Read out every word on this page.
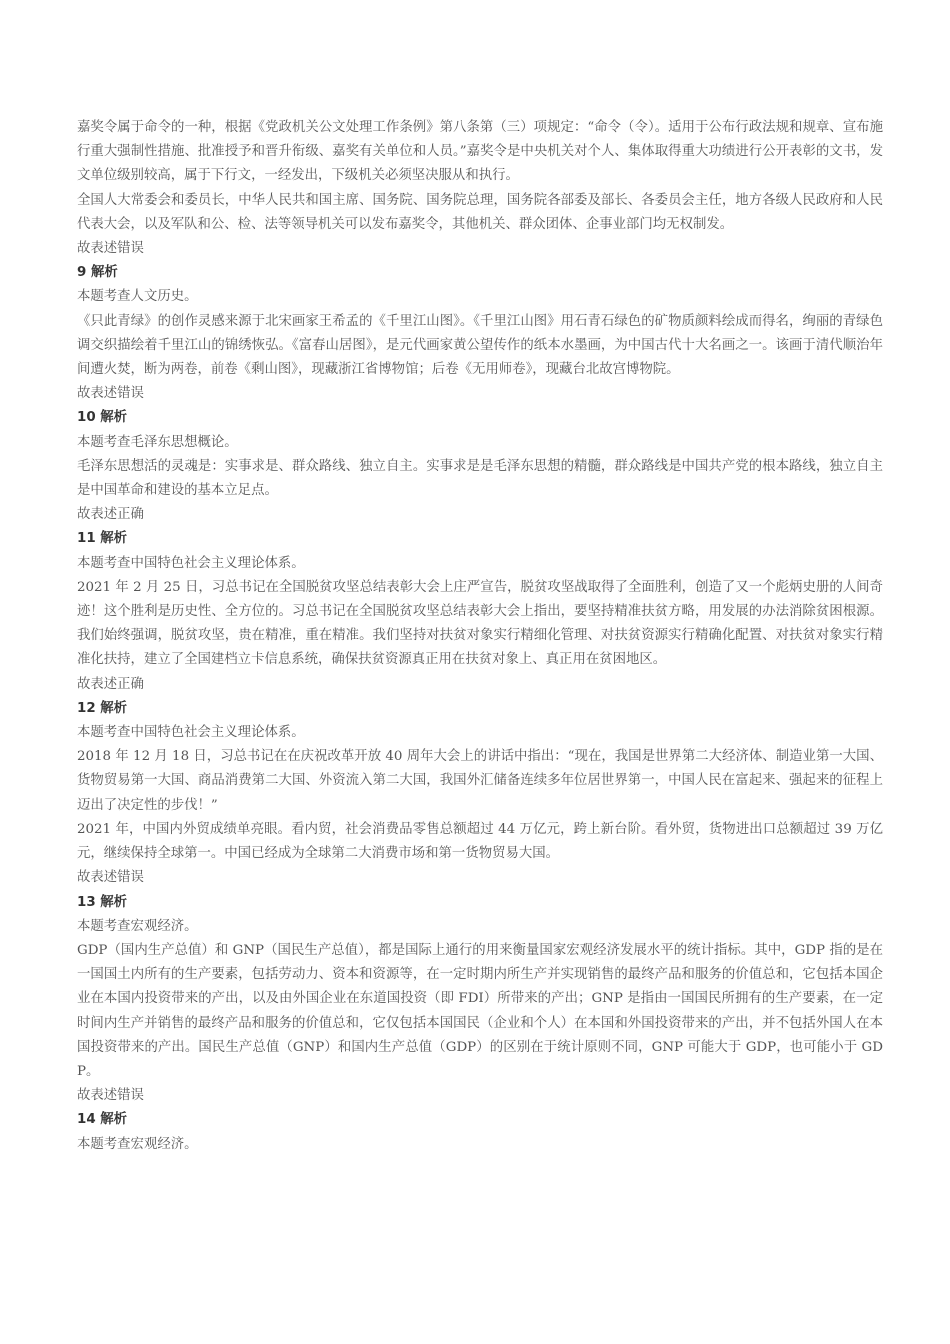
嘉奖令属于命令的一种，根据《党政机关公文处理工作条例》第八条第（三）项规定：“命令（令）。适用于公布行政法规和规章、宣布施行重大强制性措施、批准授予和晋升衔级、嘉奖有关单位和人员。”嘉奖令是中央机关对个人、集体取得重大功绩进行公开表彰的文书，发文单位级别较高，属于下行文，一经发出，下级机关必须坚决服从和执行。

全国人大常委会和委员长，中华人民共和国主席、国务院、国务院总理，国务院各部委及部长、各委员会主任，地方各级人民政府和人民代表大会，以及军队和公、检、法等领导机关可以发布嘉奖令，其他机关、群众团体、企事业部门均无权制发。

故表述错误

9 解析

本题考查人文历史。

《只此青绿》的创作灵感来源于北宋画家王希孟的《千里江山图》。《千里江山图》用石青石绿色的矿物质颜料绘成而得名，绚丽的青绿色调交织描绘着千里江山的锦绣恢弘。《富春山居图》，是元代画家黄公望传作的纸本水墨画，为中国古代十大名画之一。该画于清代顺治年间遭火焚，断为两卷，前卷《剩山图》，现藏浙江省博物馆；后卷《无用师卷》，现藏台北故宫博物院。

故表述错误

10 解析

本题考查毛泽东思想概论。

毛泽东思想活的灵魂是：实事求是、群众路线、独立自主。实事求是是毛泽东思想的精髓，群众路线是中国共产党的根本路线，独立自主是中国革命和建设的基本立足点。

故表述正确

11 解析

本题考查中国特色社会主义理论体系。

2021 年 2 月 25 日，习总书记在全国脱贫攻坚总结表彰大会上庄严宣告，脱贫攻坚战取得了全面胜利，创造了又一个彪炳史册的人间奇迹！这个胜利是历史性、全方位的。习总书记在全国脱贫攻坚总结表彰大会上指出，要坚持精准扶贫方略，用发展的办法消除贫困根源。我们始终强调，脱贫攻坚，贵在精准，重在精准。我们坚持对扶贫对象实行精细化管理、对扶贫资源实行精确化配置、对扶贫对象实行精准化扶持，建立了全国建档立卡信息系统，确保扶贫资源真正用在扶贫对象上、真正用在贫困地区。

故表述正确

12 解析

本题考查中国特色社会主义理论体系。

2018 年 12 月 18 日，习总书记在在庆祝改革开放 40 周年大会上的讲话中指出：“现在，我国是世界第二大经济体、制造业第一大国、货物贸易第一大国、商品消费第二大国、外资流入第二大国，我国外汇储备连续多年位居世界第一，中国人民在富起来、强起来的征程上迈出了决定性的步伐！”

2021 年，中国内外贸成绩单亮眼。看内贸，社会消费品零售总额超过 44 万亿元，跨上新台阶。看外贸，货物进出口总额超过 39 万亿元，继续保持全球第一。中国已经成为全球第二大消费市场和第一货物贸易大国。

故表述错误

13 解析

本题考查宏观经济。

GDP（国内生产总值）和 GNP（国民生产总值），都是国际上通行的用来衡量国家宏观经济发展水平的统计指标。其中，GDP 指的是在一国国土内所有的生产要素，包括劳动力、资本和资源等，在一定时期内所生产并实现销售的最终产品和服务的价值总和，它包括本国企业在本国内投资带来的产出，以及由外国企业在东道国投资（即 FDI）所带来的产出；GNP 是指由一国国民所拥有的生产要素，在一定时间内生产并销售的最终产品和服务的价值总和，它仅包括本国国民（企业和个人）在本国和外国投资带来的产出，并不包括外国人在本国投资带来的产出。国民生产总值（GNP）和国内生产总值（GDP）的区别在于统计原则不同，GNP 可能大于 GDP，也可能小于 GDP。

故表述错误

14 解析

本题考查宏观经济。
